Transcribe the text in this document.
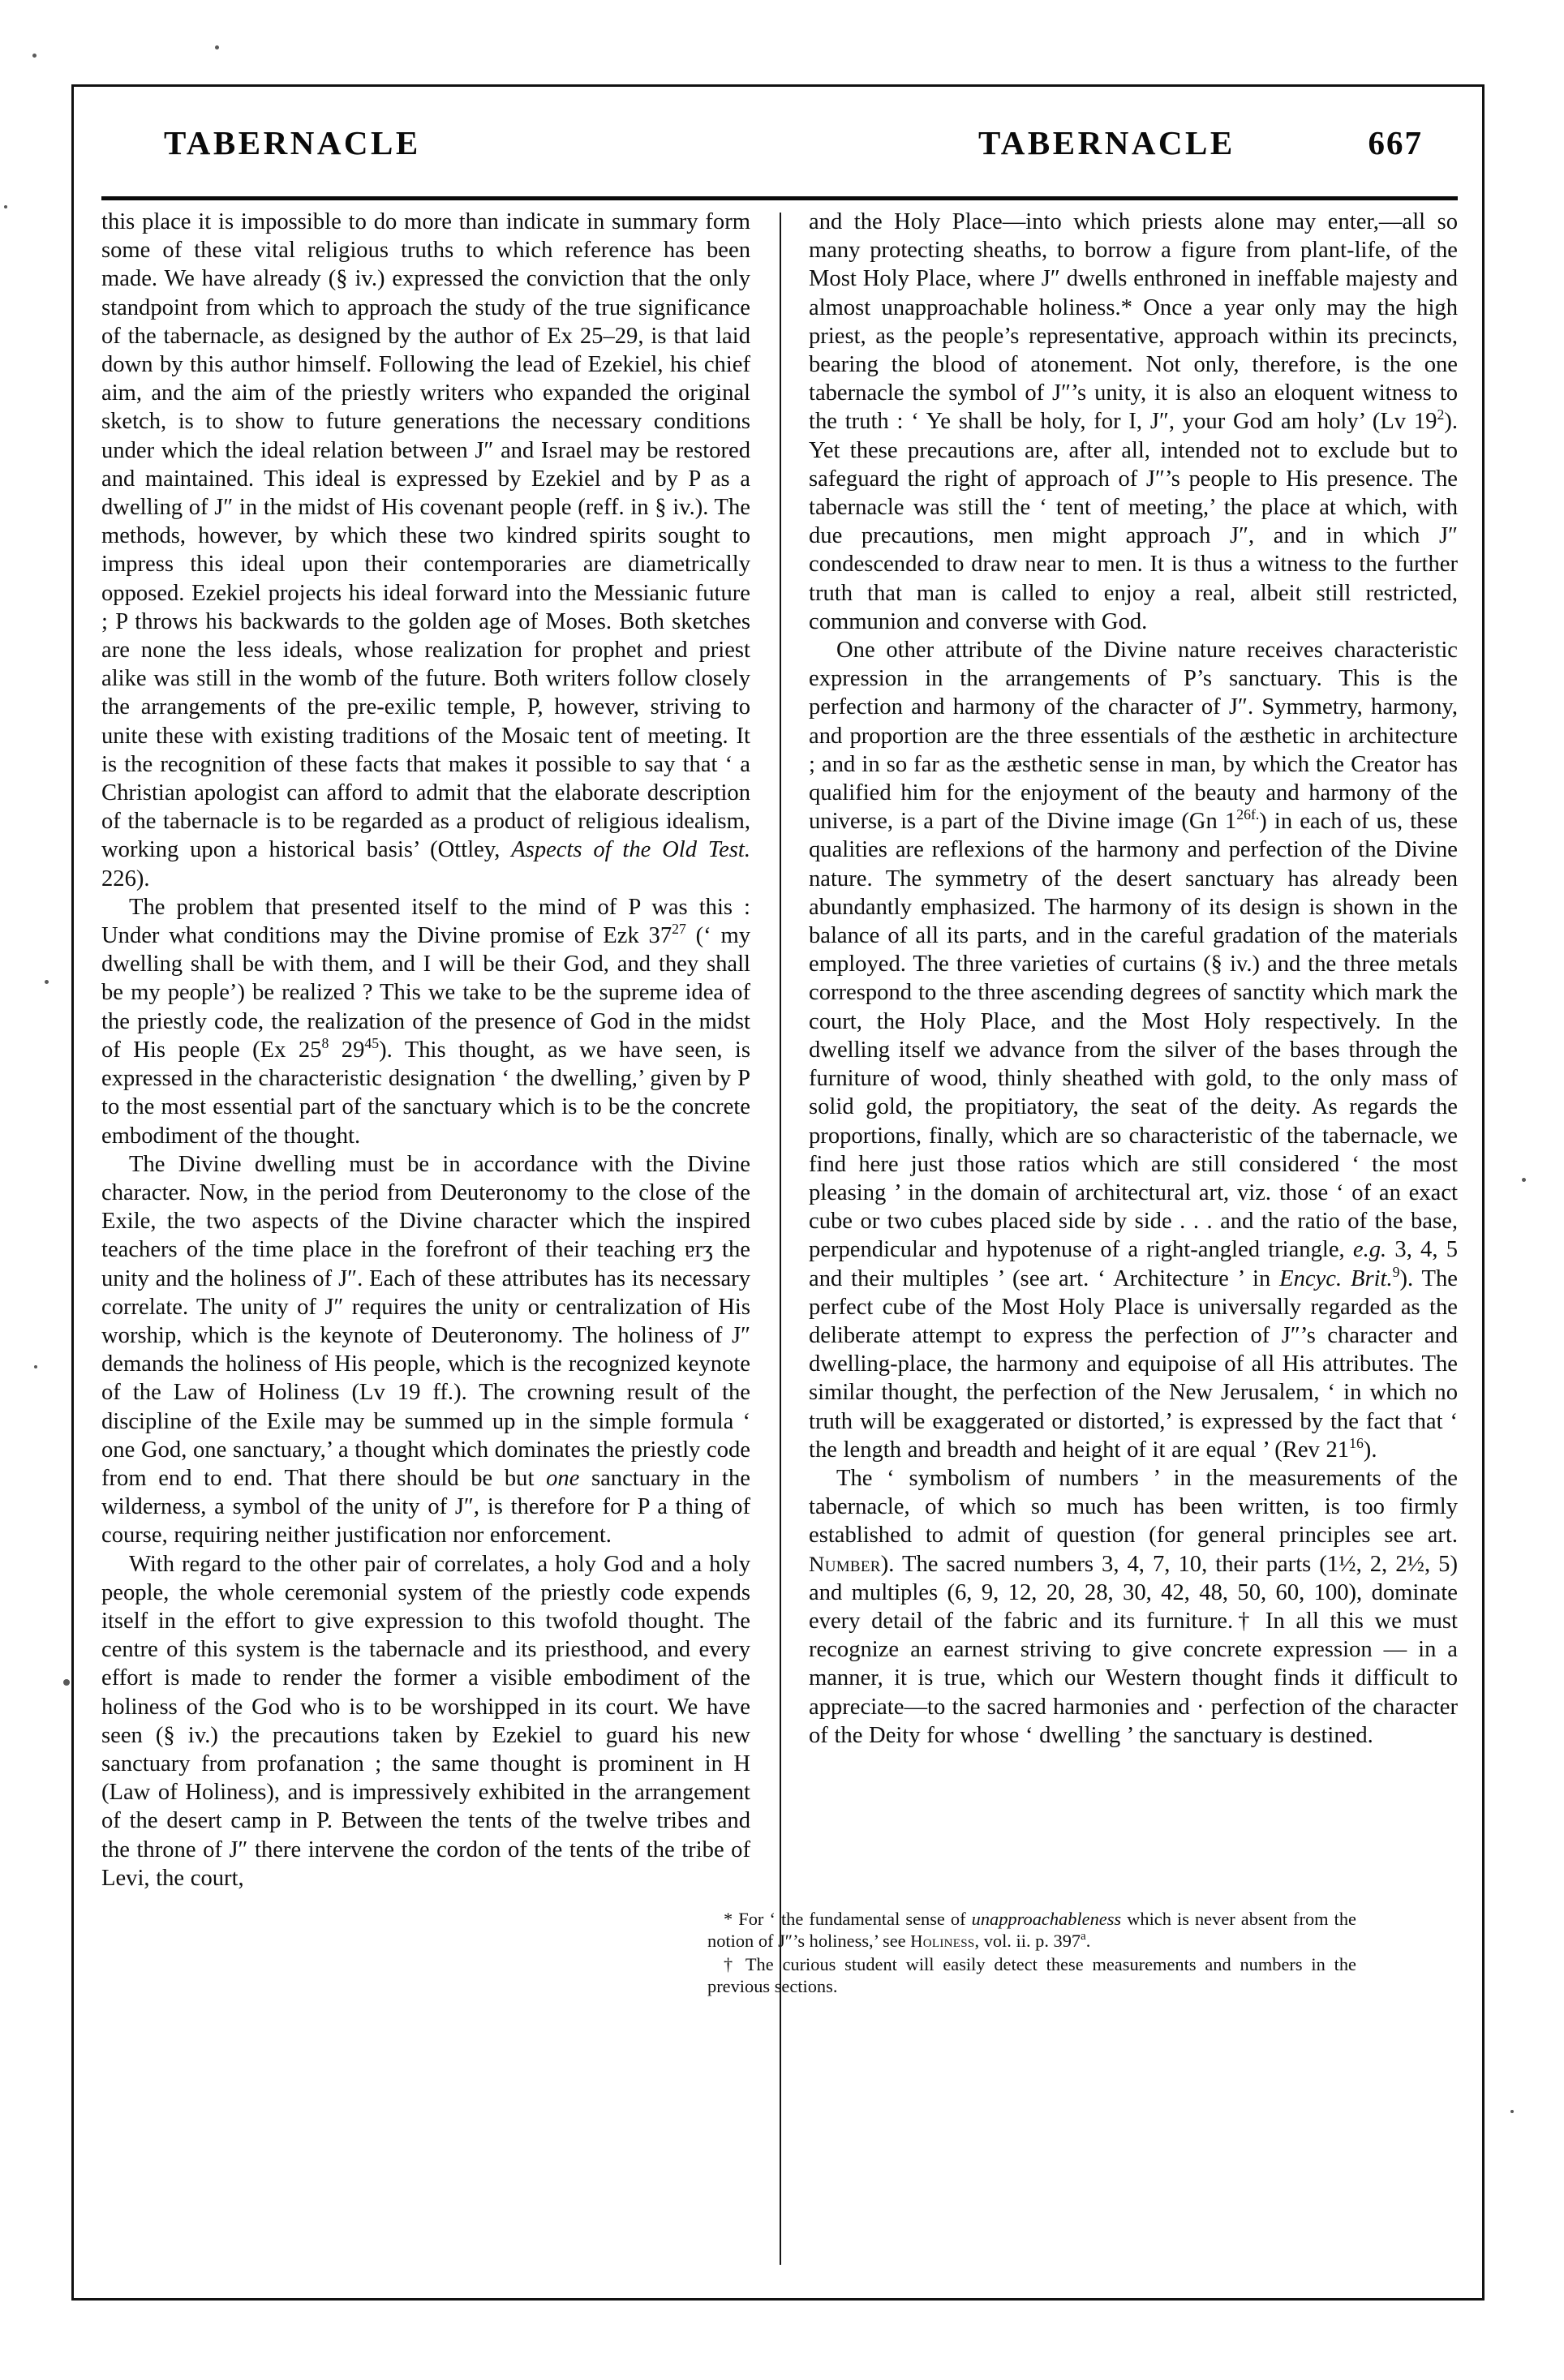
TABERNACLE	TABERNACLE	667

this place it is impossible to do more than indicate in summary form some of these vital religious truths to which reference has been made. We have already (§ iv.) expressed the conviction that the only standpoint from which to approach the study of the true significance of the tabernacle, as designed by the author of Ex 25–29, is that laid down by this author himself. Following the lead of Ezekiel, his chief aim, and the aim of the priestly writers who expanded the original sketch, is to show to future generations the necessary conditions under which the ideal relation between J″ and Israel may be restored and maintained. This ideal is expressed by Ezekiel and by P as a dwelling of J″ in the midst of His covenant people (reff. in § iv.). The methods, however, by which these two kindred spirits sought to impress this ideal upon their contemporaries are diametrically opposed. Ezekiel projects his ideal forward into the Messianic future ; P throws his backwards to the golden age of Moses. Both sketches are none the less ideals, whose realization for prophet and priest alike was still in the womb of the future. Both writers follow closely the arrangements of the pre-exilic temple, P, however, striving to unite these with existing traditions of the Mosaic tent of meeting. It is the recognition of these facts that makes it possible to say that ‘ a Christian apologist can afford to admit that the elaborate description of the tabernacle is to be regarded as a product of religious idealism, working upon a historical basis’ (Ottley, Aspects of the Old Test. 226).

The problem that presented itself to the mind of P was this : Under what conditions may the Divine promise of Ezk $37^{27}$ (‘ my dwelling shall be with them, and I will be their God, and they shall be my people’) be realized ? This we take to be the supreme idea of the priestly code, the realization of the presence of God in the midst of His people (Ex $25^8$ $29^{45}$). This thought, as we have seen, is expressed in the characteristic designation ‘ the dwelling,’ given by P to the most essential part of the sanctuary which is to be the concrete embodiment of the thought.

The Divine dwelling must be in accordance with the Divine character. Now, in the period from Deuteronomy to the close of the Exile, the two aspects of the Divine character which the inspired teachers of the time place in the forefront of their teaching ɐrʒ the unity and the holiness of J″. Each of these attributes has its necessary correlate. The unity of J″ requires the unity or centralization of His worship, which is the keynote of Deuteronomy. The holiness of J″ demands the holiness of His people, which is the recognized keynote of the Law of Holiness (Lv 19 ff.). The crowning result of the discipline of the Exile may be summed up in the simple formula ‘ one God, one sanctuary,’ a thought which dominates the priestly code from end to end. That there should be but one sanctuary in the wilderness, a symbol of the unity of J″, is therefore for P a thing of course, requiring neither justification nor enforcement.

With regard to the other pair of correlates, a holy God and a holy people, the whole ceremonial system of the priestly code expends itself in the effort to give expression to this twofold thought. The centre of this system is the tabernacle and its priesthood, and every effort is made to render the former a visible embodiment of the holiness of the God who is to be worshipped in its court. We have seen (§ iv.) the precautions taken by Ezekiel to guard his new sanctuary from profanation ; the same thought is prominent in H (Law of Holiness), and is impressively exhibited in the arrangement of the desert camp in P. Between the tents of the twelve tribes and the throne of J″ there intervene the cordon of the tents of the tribe of Levi, the court,

and the Holy Place—into which priests alone may enter,—all so many protecting sheaths, to borrow a figure from plant-life, of the Most Holy Place, where J″ dwells enthroned in ineffable majesty and almost unapproachable holiness.* Once a year only may the high priest, as the people’s representative, approach within its precincts, bearing the blood of atonement. Not only, therefore, is the one tabernacle the symbol of J″’s unity, it is also an eloquent witness to the truth : ‘ Ye shall be holy, for I, J″, your God am holy’ (Lv $19^2$). Yet these precautions are, after all, intended not to exclude but to safeguard the right of approach of J″’s people to His presence. The tabernacle was still the ‘ tent of meeting,’ the place at which, with due precautions, men might approach J″, and in which J″ condescended to draw near to men. It is thus a witness to the further truth that man is called to enjoy a real, albeit still restricted, communion and converse with God.

One other attribute of the Divine nature receives characteristic expression in the arrangements of P’s sanctuary. This is the perfection and harmony of the character of J″. Symmetry, harmony, and proportion are the three essentials of the æsthetic in architecture ; and in so far as the æsthetic sense in man, by which the Creator has qualified him for the enjoyment of the beauty and harmony of the universe, is a part of the Divine image (Gn $1^{26f.}$) in each of us, these qualities are reflexions of the harmony and perfection of the Divine nature. The symmetry of the desert sanctuary has already been abundantly emphasized. The harmony of its design is shown in the balance of all its parts, and in the careful gradation of the materials employed. The three varieties of curtains (§ iv.) and the three metals correspond to the three ascending degrees of sanctity which mark the court, the Holy Place, and the Most Holy respectively. In the dwelling itself we advance from the silver of the bases through the furniture of wood, thinly sheathed with gold, to the only mass of solid gold, the propitiatory, the seat of the deity. As regards the proportions, finally, which are so characteristic of the tabernacle, we find here just those ratios which are still considered ‘ the most pleasing ’ in the domain of architectural art, viz. those ‘ of an exact cube or two cubes placed side by side . . . and the ratio of the base, perpendicular and hypotenuse of a right-angled triangle, e.g. 3, 4, 5 and their multiples ’ (see art. ‘ Architecture ’ in Encyc. Brit.$^9$). The perfect cube of the Most Holy Place is universally regarded as the deliberate attempt to express the perfection of J″’s character and dwelling-place, the harmony and equipoise of all His attributes. The similar thought, the perfection of the New Jerusalem, ‘ in which no truth will be exaggerated or distorted,’ is expressed by the fact that ‘ the length and breadth and height of it are equal ’ (Rev $21^{16}$).

The ‘ symbolism of numbers ’ in the measurements of the tabernacle, of which so much has been written, is too firmly established to admit of question (for general principles see art. Number). The sacred numbers 3, 4, 7, 10, their parts (1½, 2, 2½, 5) and multiples (6, 9, 12, 20, 28, 30, 42, 48, 50, 60, 100), dominate every detail of the fabric and its furniture.† In all this we must recognize an earnest striving to give concrete expression — in a manner, it is true, which our Western thought finds it difficult to appreciate—to the sacred harmonies and · perfection of the character of the Deity for whose ‘ dwelling ’ the sanctuary is destined.

* For ‘ the fundamental sense of unapproachableness which is never absent from the notion of J″’s holiness,’ see Holiness, vol. ii. p. 397$^a$.

† The curious student will easily detect these measurements and numbers in the previous sections.
